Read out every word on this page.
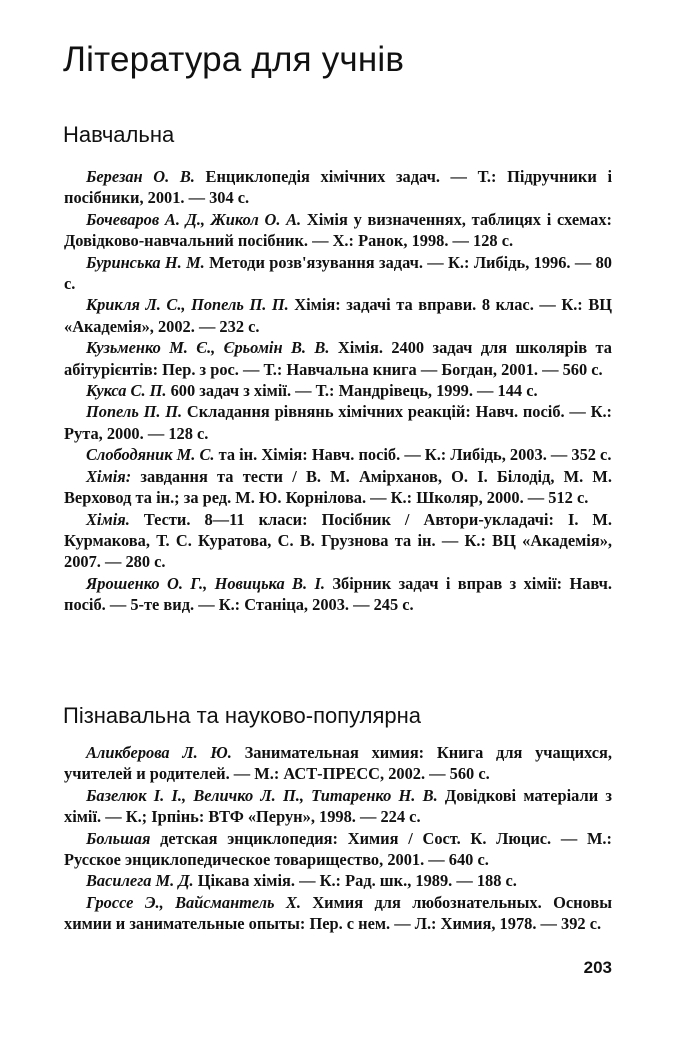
Література для учнів
Навчальна

Березан О. В. Енциклопедія хімічних задач. — Т.: Підручники і посібники, 2001. — 304 с.

Бочеваров А. Д., Жикол О. А. Хімія у визначеннях, таблицях і схемах: Довідково-навчальний посібник. — Х.: Ранок, 1998. — 128 с.

Буринська Н. М. Методи розв'язування задач. — К.: Либідь, 1996. — 80 с.

Крикля Л. С., Попель П. П. Хімія: задачі та вправи. 8 клас. — К.: ВЦ «Академія», 2002. — 232 с.

Кузьменко М. Є., Єрьомін В. В. Хімія. 2400 задач для школярів та абітурієнтів: Пер. з рос. — Т.: Навчальна книга — Богдан, 2001. — 560 с.

Кукса С. П. 600 задач з хімії. — Т.: Мандрівець, 1999. — 144 с.

Попель П. П. Складання рівнянь хімічних реакцій: Навч. посіб. — К.: Рута, 2000. — 128 с.

Слободяник М. С. та ін. Хімія: Навч. посіб. — К.: Либідь, 2003. — 352 с.

Хімія: завдання та тести / В. М. Амірханов, О. І. Білодід, М. М. Верховод та ін.; за ред. М. Ю. Корнілова. — К.: Школяр, 2000. — 512 с.

Хімія. Тести. 8—11 класи: Посібник / Автори-укладачі: І. М. Курмакова, Т. С. Куратова, С. В. Грузнова та ін. — К.: ВЦ «Академія», 2007. — 280 с.

Ярошенко О. Г., Новицька В. І. Збірник задач і вправ з хімії: Навч. посіб. — 5-те вид. — К.: Станіца, 2003. — 245 с.

Пізнавальна та науково-популярна

Аликберова Л. Ю. Занимательная химия: Книга для учащихся, учителей и родителей. — М.: АСТ-ПРЕСС, 2002. — 560 с.

Базелюк І. І., Величко Л. П., Титаренко Н. В. Довідкові матеріали з хімії. — К.; Ірпінь: ВТФ «Перун», 1998. — 224 с.

Большая детская энциклопедия: Химия / Сост. К. Люцис. — М.: Русское энциклопедическое товарищество, 2001. — 640 с.

Василега М. Д. Цікава хімія. — К.: Рад. шк., 1989. — 188 с.

Гроссе Э., Вайсмантель Х. Химия для любознательных. Основы химии и занимательные опыты: Пер. с нем. — Л.: Химия, 1978. — 392 с.

203
